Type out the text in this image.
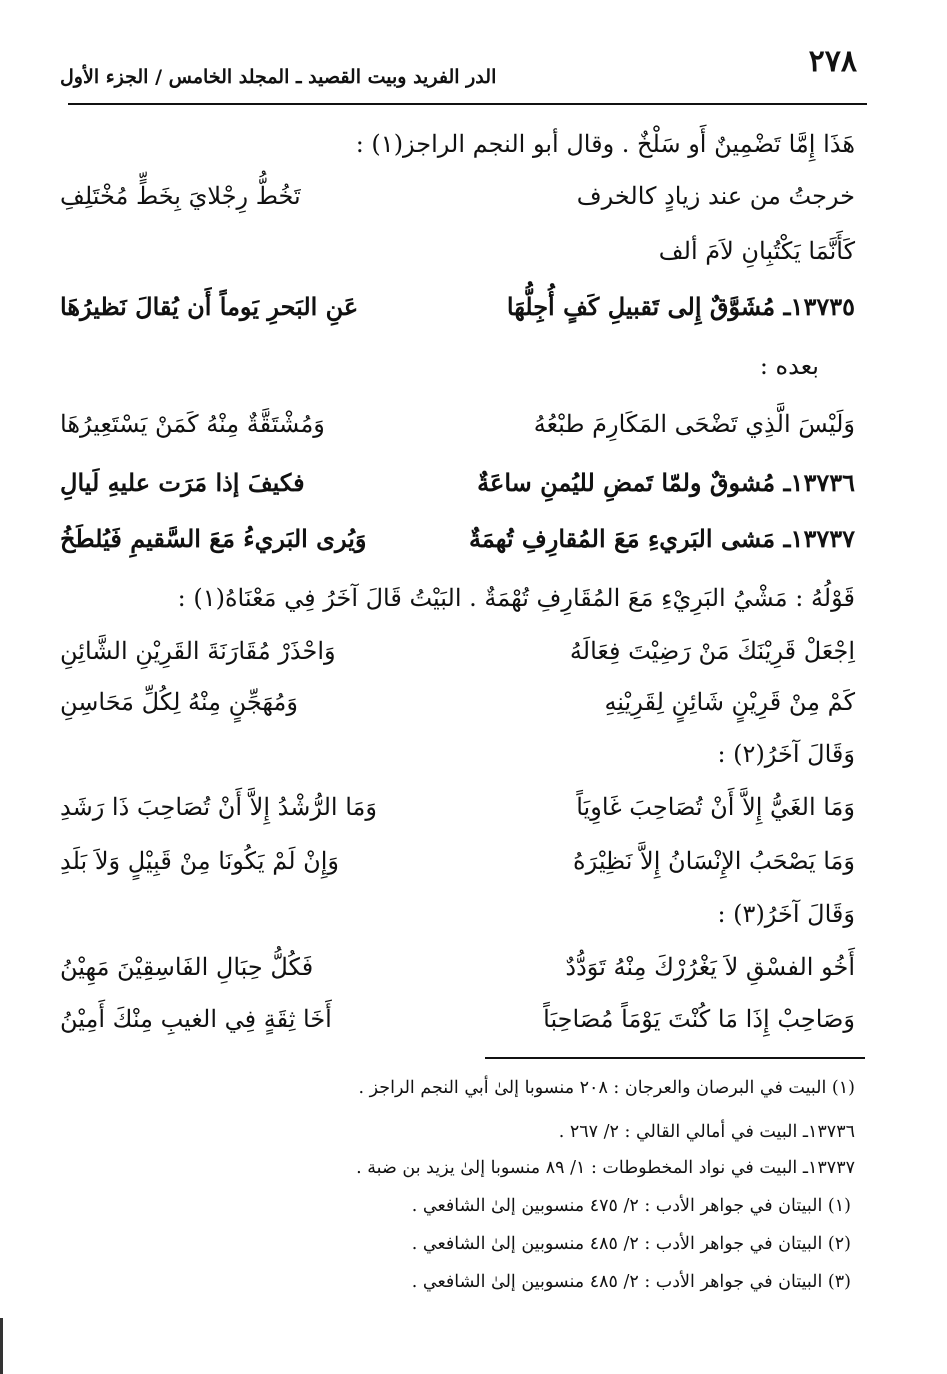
٢٧٨
الدر الفريد وبيت القصيد ـ المجلد الخامس / الجزء الأول
هَذَا إِمَّا تَضْمِينٌ أَو سَلْخٌ . وقال أبو النجم الراجز(١) :
خرجتُ من عند زيادٍ كالخرف
تَخُطُّ رِجْلايَ بِخَطٍّ مُخْتَلِفِ
كَأَنَّمَا يَكْتُبِانِ لاَمَ ألف
١٣٧٣٥ـ مُشَوَّقٌ إِلى تَقبيلِ كَفٍ أُجِلُّهَا
عَنِ البَحرِ يَوماً أَن يُقالَ نَظيرُهَا
بعده :
وَلَيْسَ الَّذِي تَضْحَى المَكَارِمَ طبْعُهُ
وَمُشْتَقَّةٌ مِنْهُ كَمَنْ يَسْتَعِيرُهَا
١٣٧٣٦ـ مُشوقٌ ولمّا تَمضِ لليُمنِ ساعَةٌ
فكيفَ إذا مَرَت عليهِ لَيالِ
١٣٧٣٧ـ مَشى البَريءِ مَعَ المُقارِفِ تُهمَةٌ
وَيُرى البَريءُ مَعَ السَّقيمِ فَيُلطَخُ
قَوْلُهُ : مَشْيُ البَرِيْءِ مَعَ المُقَارِفِ تُهْمَةٌ . البَيْتُ قَالَ آخَرُ فِي مَعْنَاهُ(١) :
اِجْعَلْ قَرِيْنَكَ مَنْ رَضِيْتَ فِعَالَهُ
وَاحْذَرْ مُقَارَنَةَ القَرِيْنِ الشَّائِنِ
كَمْ مِنْ قَرِيْنٍ شَائِنٍ لِقَرِيْنِهِ
وَمُهَجِّنٍ مِنْهُ لِكُلِّ مَحَاسِنِ
وَقَالَ آخَرُ(٢) :
وَمَا الغَيُّ إِلاَّ أَنْ تُصَاحِبَ غَاوِيَاً
وَمَا الرُّشْدُ إِلاَّ أَنْ تُصَاحِبَ ذَا رَشَدِ
وَمَا يَصْحَبُ الإِنْسَانُ إِلاَّ نَظِيْرَهُ
وَإِنْ لَمْ يَكُونَا مِنْ قَبِيْلٍ وَلاَ بَلَدِ
وَقَالَ آخَرُ(٣) :
أَخُو الفسْقِ لاَ يَغْرُرْكَ مِنْهُ تَوَدُّدٌ
فَكُلُّ حِبَالِ الفَاسِقِيْنَ مَهِيْنُ
وَصَاحِبْ إِذَا مَا كُنْتَ يَوْمَاً مُصَاحِبَاً
أَخَا ثِقَةٍ فِي الغيبِ مِنْكَ أَمِيْنُ
(١) البيت في البرصان والعرجان : ٢٠٨ منسوبا إلىٰ أبي النجم الراجز .
١٣٧٣٦ـ البيت في أمالي القالي : ٢/ ٢٦٧ .
١٣٧٣٧ـ البيت في نواد المخطوطات : ١/ ٨٩ منسوبا إلىٰ يزيد بن ضبة .
(١) البيتان في جواهر الأدب : ٢/ ٤٧٥ منسوبين إلىٰ الشافعي .
(٢) البيتان في جواهر الأدب : ٢/ ٤٨٥ منسوبين إلىٰ الشافعي .
(٣) البيتان في جواهر الأدب : ٢/ ٤٨٥ منسوبين إلىٰ الشافعي .
